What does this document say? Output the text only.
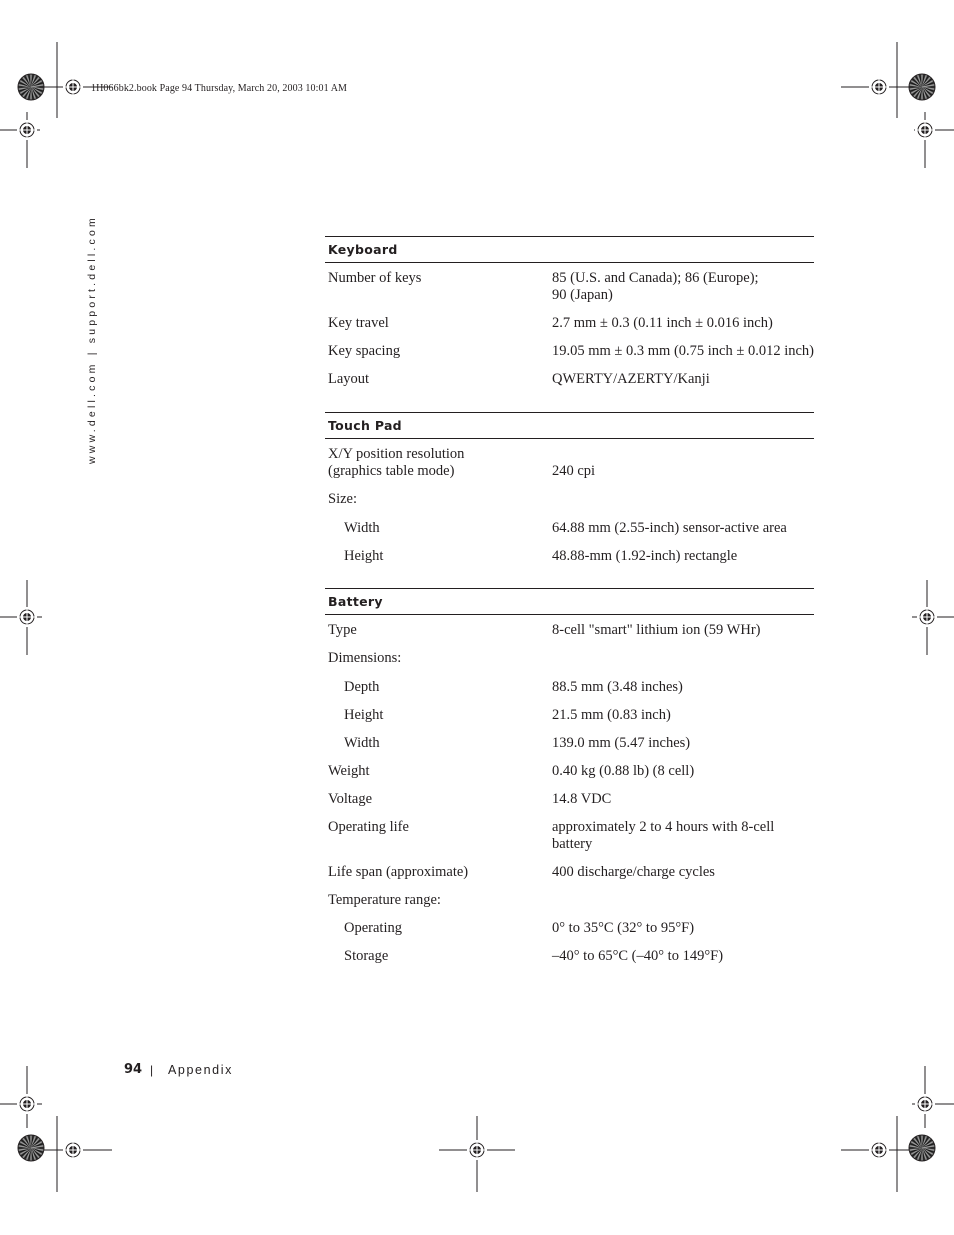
1H066bk2.book Page 94 Thursday, March 20, 2003 10:01 AM
www.dell.com | support.dell.com	Keyboard
Number of keys	85 (U.S. and Canada); 86 (Europe);
90 (Japan)
Key travel	2.7 mm ± 0.3 (0.11 inch ± 0.016 inch)
Key spacing	19.05 mm ± 0.3 mm (0.75 inch ± 0.012 inch)
Layout	QWERTY/AZERTY/Kanji
Touch Pad
X/Y position resolution
(graphics table mode)	240 cpi
Size:
Width	64.88 mm (2.55-inch) sensor-active area
Height	48.88-mm (1.92-inch) rectangle
Battery
Type	8-cell "smart" lithium ion (59 WHr)
Dimensions:
Depth	88.5 mm (3.48 inches)
Height	21.5 mm (0.83 inch)
Width	139.0 mm (5.47 inches)
Weight	0.40 kg (0.88 lb) (8 cell)
Voltage	14.8 VDC
Operating life	approximately 2 to 4 hours with 8-cell
battery
Life span (approximate)	400 discharge/charge cycles
Temperature range:
Operating	0° to 35°C (32° to 95°F)
Storage	–40° to 65°C (–40° to 149°F)
94 | Appendix
